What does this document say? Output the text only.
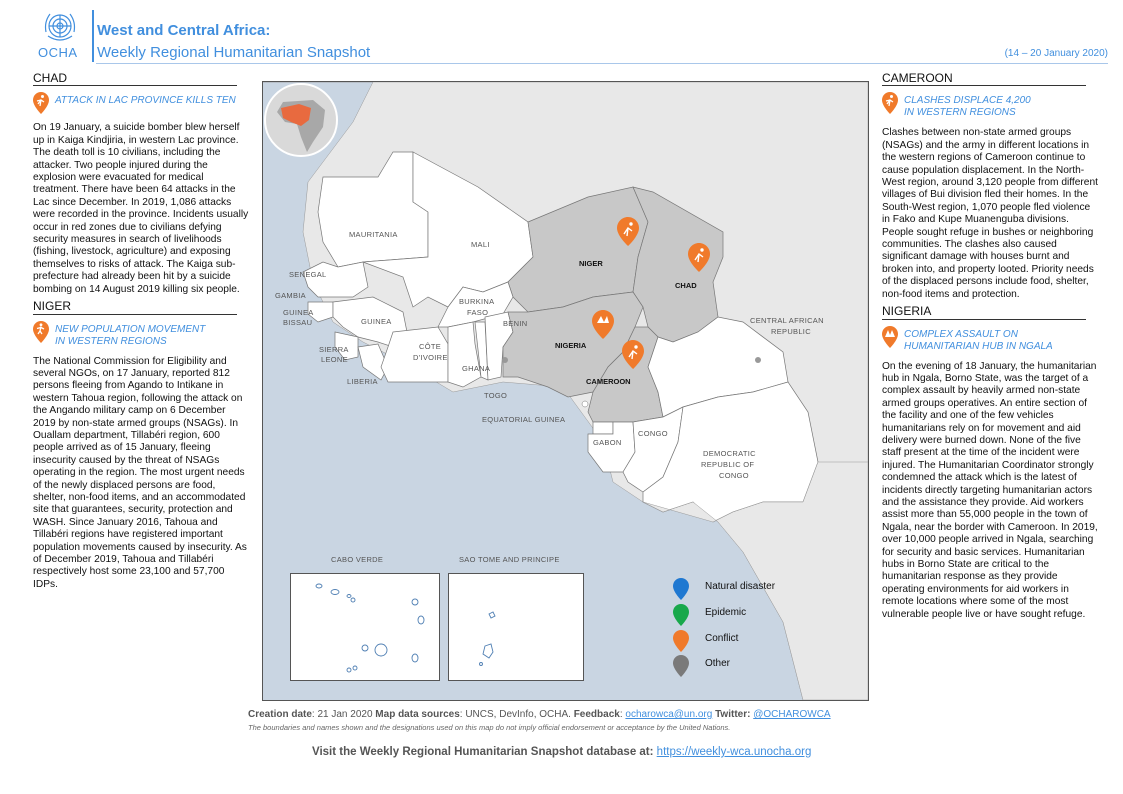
OCHA
West and Central Africa:
Weekly Regional Humanitarian Snapshot	(14 – 20 January 2020)
CHAD
ATTACK IN LAC PROVINCE KILLS TEN

On 19 January, a suicide bomber blew herself up in Kaiga Kindjiria, in western Lac province. The death toll is 10 civilians, including the attacker. Two people injured during the explosion were evacuated for medical treatment. There have been 64 attacks in the Lac since December. In 2019, 1,086 attacks were recorded in the province. Incidents usually occur in red zones due to civilians defying security measures in search of livelihoods (fishing, livestock, agriculture) and exposing themselves to risks of attack. The Kaiga sub-prefecture had already been hit by a suicide bombing on 14 August 2019 killing six people.

NIGER
NEW POPULATION MOVEMENT
IN WESTERN REGIONS

The National Commission for Eligibility and several NGOs, on 17 January, reported 812 persons fleeing from Agando to Intikane in western Tahoua region, following the attack on the Angando military camp on 6 December 2019 by non-state armed groups (NSAGs). In Ouallam department, Tillabéri region, 600 people arrived as of 15 January, fleeing insecurity caused by the threat of NSAGs operating in the region. The most urgent needs of the newly displaced persons are food, shelter, non-food items, and an accommodated site that guarantees, security, protection and WASH. Since January 2016, Tahoua and Tillabéri regions have registered important population movements caused by insecurity. As of December 2019, Tahoua and Tillabéri respectively host some 23,100 and 57,700 IDPs.

MAURITANIA
MALI
NIGER
CHAD
SENEGAL
GAMBIA
GUINEA
BISSAU	GUINEA
BURKINA
FASO
BENIN
NIGERIA
SIERRA
LEONE
LIBERIA
CÔTE
D'IVOIRE
GHANA
TOGO
CENTRAL AFRICAN
REPUBLIC
CAMEROON
EQUATORIAL GUINEA
GABON
CONGO
DEMOCRATIC
REPUBLIC OF
CONGO
CABO VERDE	SAO TOME AND PRINCIPE
Natural disaster
Epidemic
Conflict
Other
CAMEROON
CLASHES DISPLACE 4,200
IN WESTERN REGIONS

Clashes between non-state armed groups (NSAGs) and the army in different locations in the western regions of Cameroon continue to cause population displacement. In the North-West region, around 3,120 people from different villages of Bui division fled their homes. In the South-West region, 1,070 people fled violence in Fako and Kupe Muanenguba divisions. People sought refuge in bushes or neighboring communities. The clashes also caused significant damage with houses burnt and broken into, and property looted. Priority needs of the displaced persons include food, shelter, non-food items and protection.

NIGERIA
COMPLEX ASSAULT ON
HUMANITARIAN HUB IN NGALA

On the evening of 18 January, the humanitarian hub in Ngala, Borno State, was the target of a complex assault by heavily armed non-state armed groups operatives. An entire section of the facility and one of the few vehicles humanitarians rely on for movement and aid delivery were burned down. None of the five staff present at the time of the incident were injured. The Humanitarian Coordinator strongly condemned the attack which is the latest of incidents directly targeting humanitarian actors and the assistance they provide. Aid workers assist more than 55,000 people in the town of Ngala, near the border with Cameroon. In 2019, over 10,000 people arrived in Ngala, searching for security and basic services. Humanitarian hubs in Borno State are critical to the humanitarian response as they provide operating environments for aid workers in remote locations where some of the most vulnerable people live or have sought refuge.

Creation date: 21 Jan 2020 Map data sources: UNCS, DevInfo, OCHA. Feedback: ocharowca@un.org Twitter: @OCHAROWCA
The boundaries and names shown and the designations used on this map do not imply official endorsement or acceptance by the United Nations.
Visit the Weekly Regional Humanitarian Snapshot database at: https://weekly-wca.unocha.org
